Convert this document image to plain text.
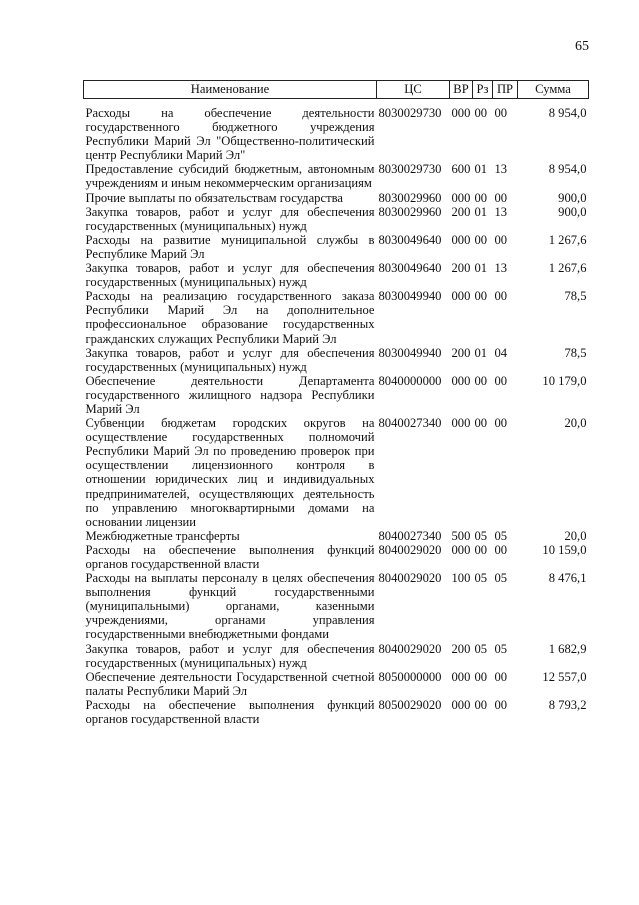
65
Наименование	ЦС	ВР	Рз	ПР	Сумма

Расходы на обеспечение деятельности государственного бюджетного учреждения Республики Марий Эл "Общественно-политический центр Республики Марий Эл"	8030029730	000	00	00	8 954,0
Предоставление субсидий бюджетным, автономным учреждениям и иным некоммерческим организациям	8030029730	600	01	13	8 954,0
Прочие выплаты по обязательствам государства	8030029960	000	00	00	900,0
Закупка товаров, работ и услуг для обеспечения государственных (муниципальных) нужд	8030029960	200	01	13	900,0
Расходы на развитие муниципальной службы в Республике Марий Эл	8030049640	000	00	00	1 267,6
Закупка товаров, работ и услуг для обеспечения государственных (муниципальных) нужд	8030049640	200	01	13	1 267,6
Расходы на реализацию государственного заказа Республики Марий Эл на дополнительное профессиональное образование государственных гражданских служащих Республики Марий Эл	8030049940	000	00	00	78,5
Закупка товаров, работ и услуг для обеспечения государственных (муниципальных) нужд	8030049940	200	01	04	78,5
Обеспечение деятельности Департамента государственного жилищного надзора Республики Марий Эл	8040000000	000	00	00	10 179,0
Субвенции бюджетам городских округов на осуществление государственных полномочий Республики Марий Эл по проведению проверок при осуществлении лицензионного контроля в отношении юридических лиц и индивидуальных предпринимателей, осуществляющих деятельность по управлению многоквартирными домами на основании лицензии	8040027340	000	00	00	20,0
Межбюджетные трансферты	8040027340	500	05	05	20,0
Расходы на обеспечение выполнения функций органов государственной власти	8040029020	000	00	00	10 159,0
Расходы на выплаты персоналу в целях обеспечения выполнения функций государственными (муниципальными) органами, казенными учреждениями, органами управления государственными внебюджетными фондами	8040029020	100	05	05	8 476,1
Закупка товаров, работ и услуг для обеспечения государственных (муниципальных) нужд	8040029020	200	05	05	1 682,9
Обеспечение деятельности Государственной счетной палаты Республики Марий Эл	8050000000	000	00	00	12 557,0
Расходы на обеспечение выполнения функций органов государственной власти	8050029020	000	00	00	8 793,2
